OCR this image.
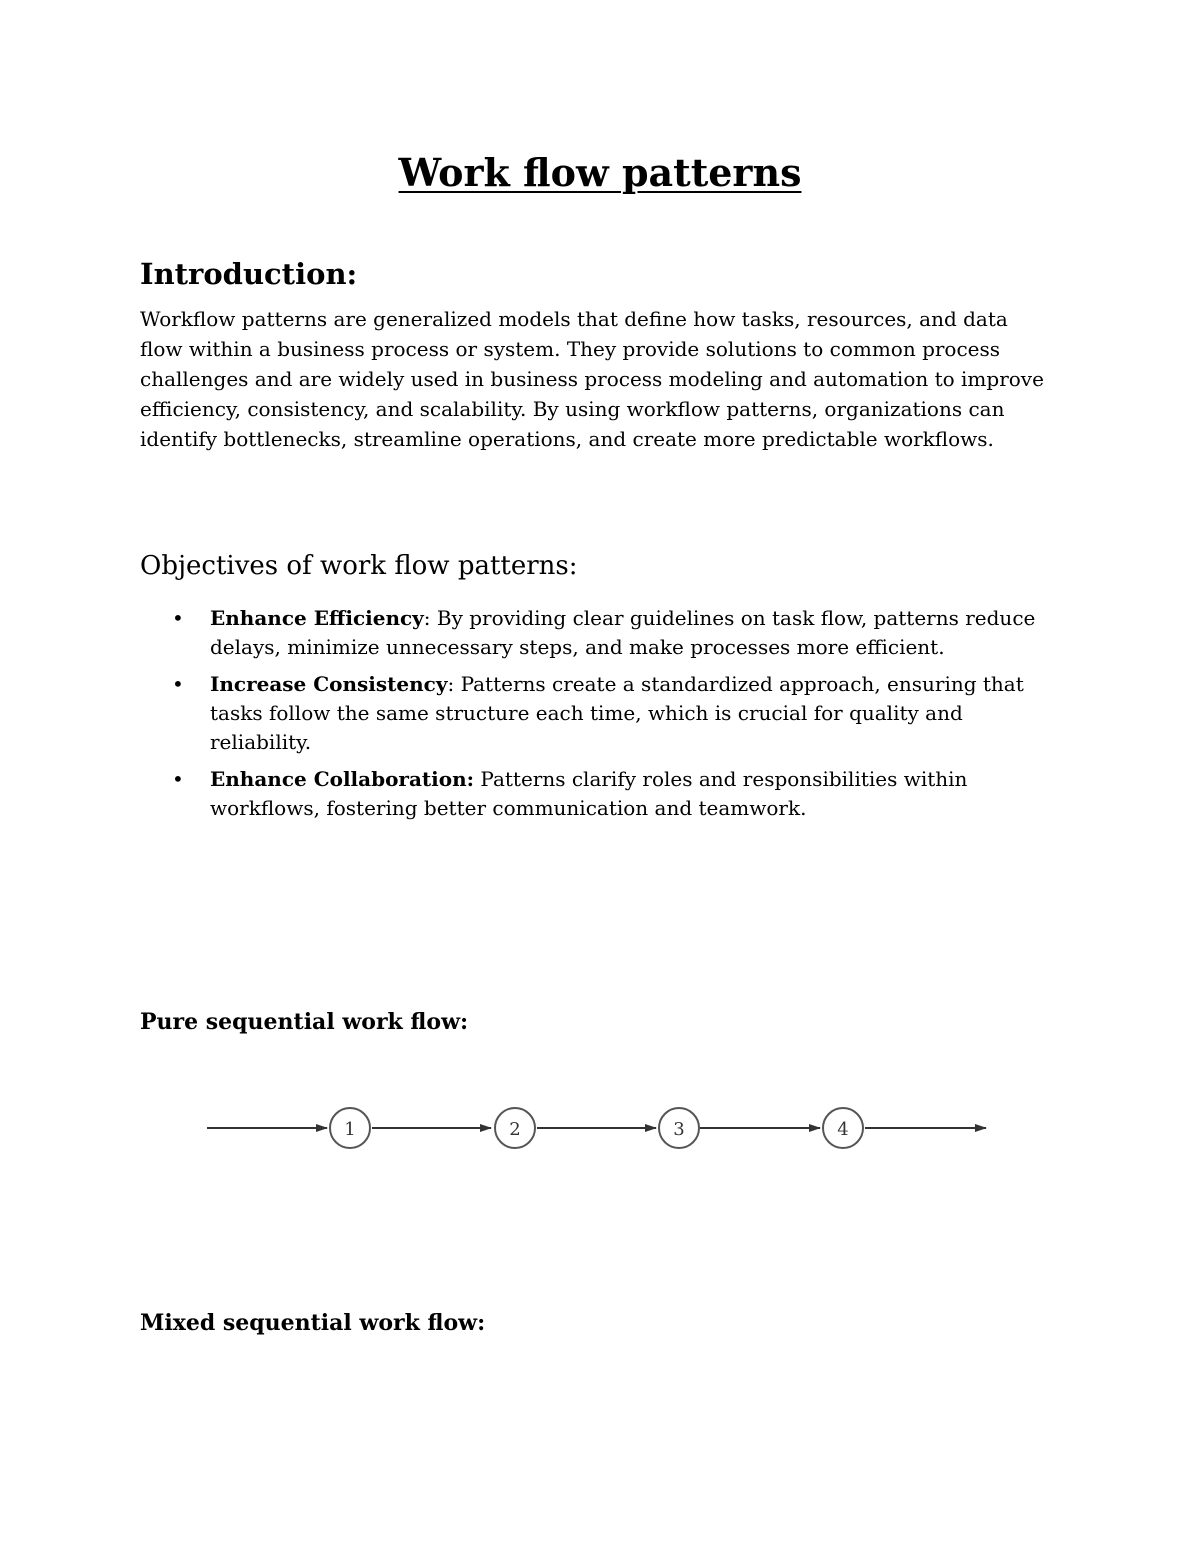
Work flow patterns
Introduction:

Workflow patterns are generalized models that define how tasks, resources, and data flow within a business process or system. They provide solutions to common process challenges and are widely used in business process modeling and automation to improve efficiency, consistency, and scalability. By using workflow patterns, organizations can identify bottlenecks, streamline operations, and create more predictable workflows.

Objectives of work flow patterns:
• Enhance Efficiency: By providing clear guidelines on task flow, patterns reduce delays, minimize unnecessary steps, and make processes more efficient.
• Increase Consistency: Patterns create a standardized approach, ensuring that tasks follow the same structure each time, which is crucial for quality and reliability.
• Enhance Collaboration: Patterns clarify roles and responsibilities within workflows, fostering better communication and teamwork.
Pure sequential work flow:
1	2	3	4
Mixed sequential work flow:
